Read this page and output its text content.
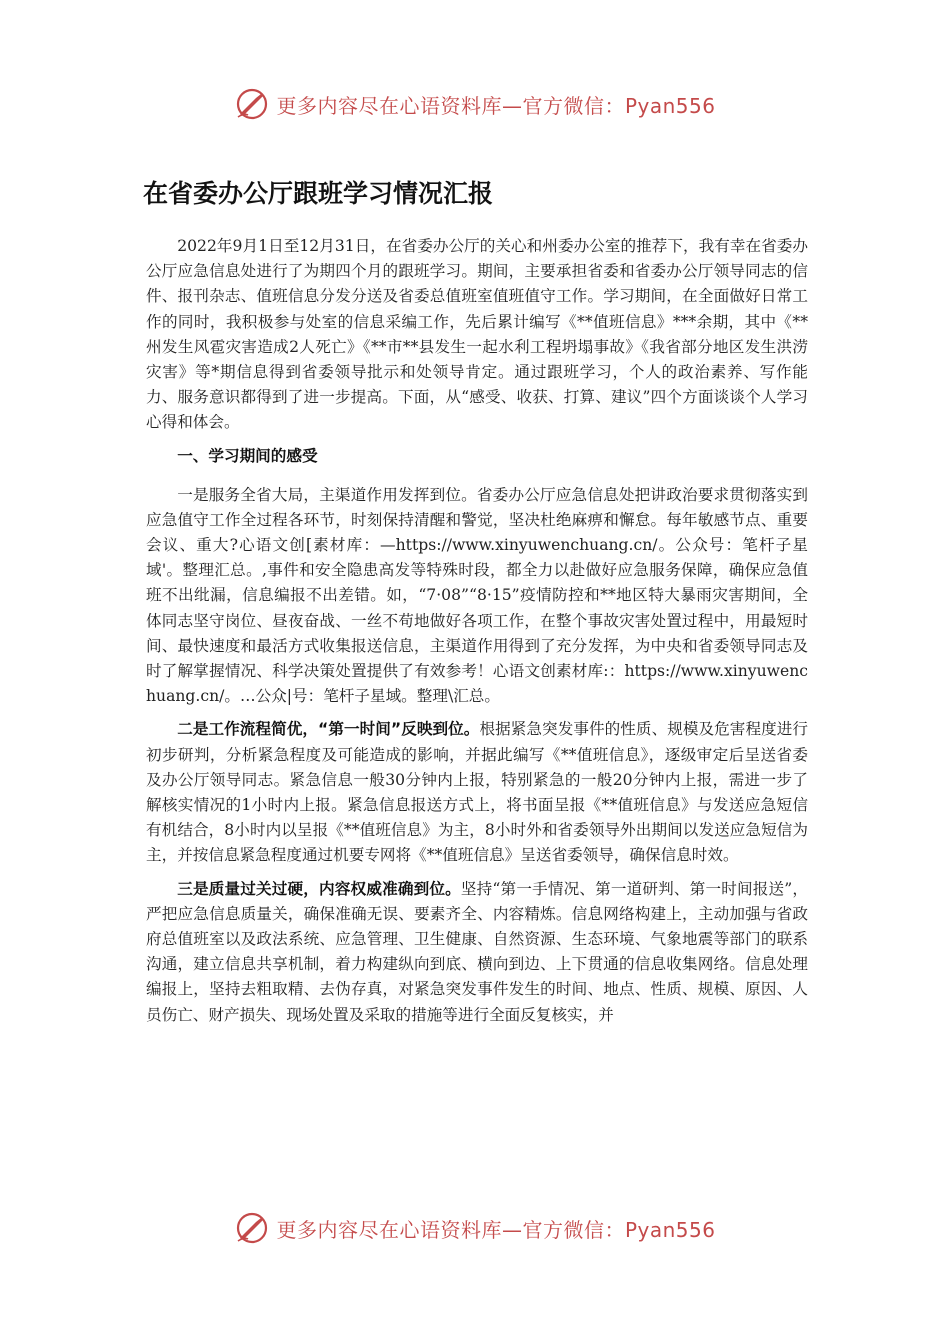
更多内容尽在心语资料库—官方微信：Pyan556
在省委办公厅跟班学习情况汇报

2022年9月1日至12月31日，在省委办公厅的关心和州委办公室的推荐下，我有幸在省委办公厅应急信息处进行了为期四个月的跟班学习。期间，主要承担省委和省委办公厅领导同志的信件、报刊杂志、值班信息分发分送及省委总值班室值班值守工作。学习期间，在全面做好日常工作的同时，我积极参与处室的信息采编工作，先后累计编写《**值班信息》***余期，其中《**州发生风雹灾害造成2人死亡》《**市**县发生一起水利工程坍塌事故》《我省部分地区发生洪涝灾害》等*期信息得到省委领导批示和处领导肯定。通过跟班学习，个人的政治素养、写作能力、服务意识都得到了进一步提高。下面，从“感受、收获、打算、建议”四个方面谈谈个人学习心得和体会。

一、学习期间的感受

一是服务全省大局，主渠道作用发挥到位。省委办公厅应急信息处把讲政治要求贯彻落实到应急值守工作全过程各环节，时刻保持清醒和警觉，坚决杜绝麻痹和懈怠。每年敏感节点、重要会议、重大?心语文创[素材库：—https://www.xinyuwenchuang.cn/。公众号：笔杆子星域'。整理汇总。,事件和安全隐患高发等特殊时段，都全力以赴做好应急服务保障，确保应急值班不出纰漏，信息编报不出差错。如，“7·08”“8·15”疫情防控和**地区特大暴雨灾害期间，全体同志坚守岗位、昼夜奋战、一丝不苟地做好各项工作，在整个事故灾害处置过程中，用最短时间、最快速度和最活方式收集报送信息，主渠道作用得到了充分发挥，为中央和省委领导同志及时了解掌握情况、科学决策处置提供了有效参考！心语文创素材库:：https://www.xinyuwenchuang.cn/。…公众|号：笔杆子星域。整理\汇总。

二是工作流程简优，“第一时间”反映到位。根据紧急突发事件的性质、规模及危害程度进行初步研判，分析紧急程度及可能造成的影响，并据此编写《**值班信息》，逐级审定后呈送省委及办公厅领导同志。紧急信息一般30分钟内上报，特别紧急的一般20分钟内上报，需进一步了解核实情况的1小时内上报。紧急信息报送方式上，将书面呈报《**值班信息》与发送应急短信有机结合，8小时内以呈报《**值班信息》为主，8小时外和省委领导外出期间以发送应急短信为主，并按信息紧急程度通过机要专网将《**值班信息》呈送省委领导，确保信息时效。

三是质量过关过硬，内容权威准确到位。坚持“第一手情况、第一道研判、第一时间报送”，严把应急信息质量关，确保准确无误、要素齐全、内容精炼。信息网络构建上，主动加强与省政府总值班室以及政法系统、应急管理、卫生健康、自然资源、生态环境、气象地震等部门的联系沟通，建立信息共享机制，着力构建纵向到底、横向到边、上下贯通的信息收集网络。信息处理编报上，坚持去粗取精、去伪存真，对紧急突发事件发生的时间、地点、性质、规模、原因、人员伤亡、财产损失、现场处置及采取的措施等进行全面反复核实，并

更多内容尽在心语资料库—官方微信：Pyan556
